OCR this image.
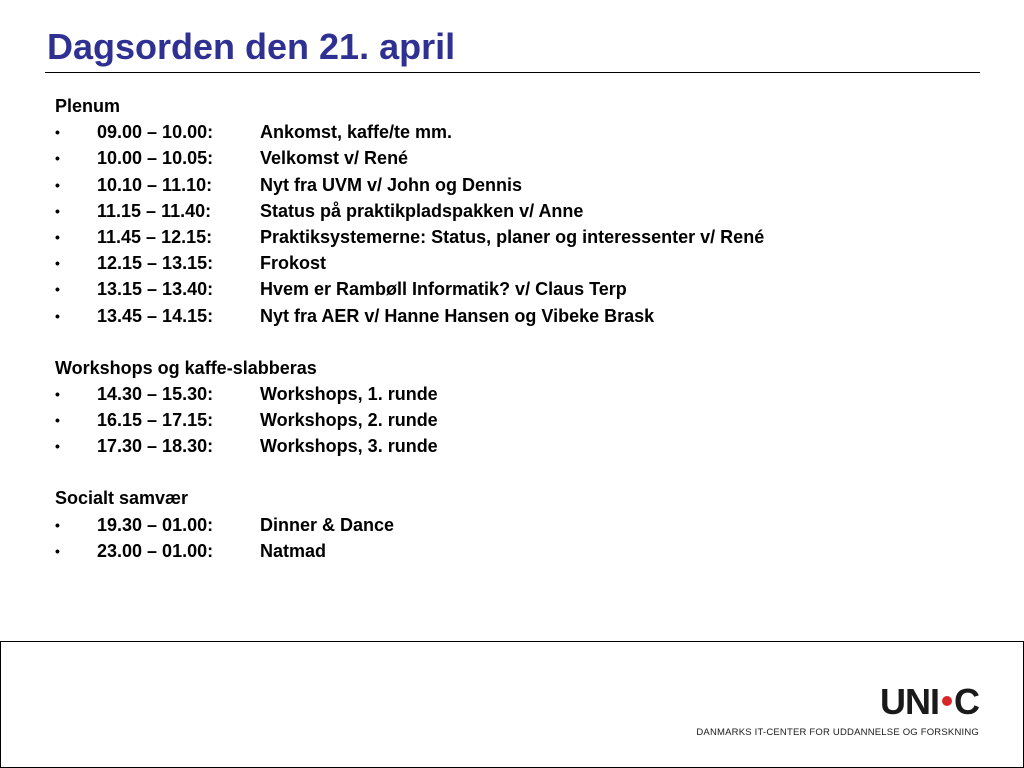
Dagsorden den 21. april
Plenum
• 09.00 – 10.00:	Ankomst, kaffe/te mm.
• 10.00 – 10.05:	Velkomst v/ René
• 10.10 – 11.10:	Nyt fra UVM v/ John og Dennis
• 11.15 – 11.40:	Status på praktikpladspakken v/ Anne
• 11.45 – 12.15:	Praktiksystemerne: Status, planer og interessenter v/ René
• 12.15 – 13.15:	Frokost
• 13.15 – 13.40:	Hvem er Rambøll Informatik? v/ Claus Terp
• 13.45 – 14.15:	Nyt fra AER v/ Hanne Hansen og Vibeke Brask
Workshops og kaffe-slabberas
• 14.30 – 15.30:	Workshops, 1. runde
• 16.15 – 17.15:	Workshops, 2. runde
• 17.30 – 18.30:	Workshops, 3. runde
Socialt samvær
• 19.30 – 01.00:	Dinner & Dance
• 23.00 – 01.00:	Natmad
UNI C
DANMARKS IT-CENTER FOR UDDANNELSE OG FORSKNING
